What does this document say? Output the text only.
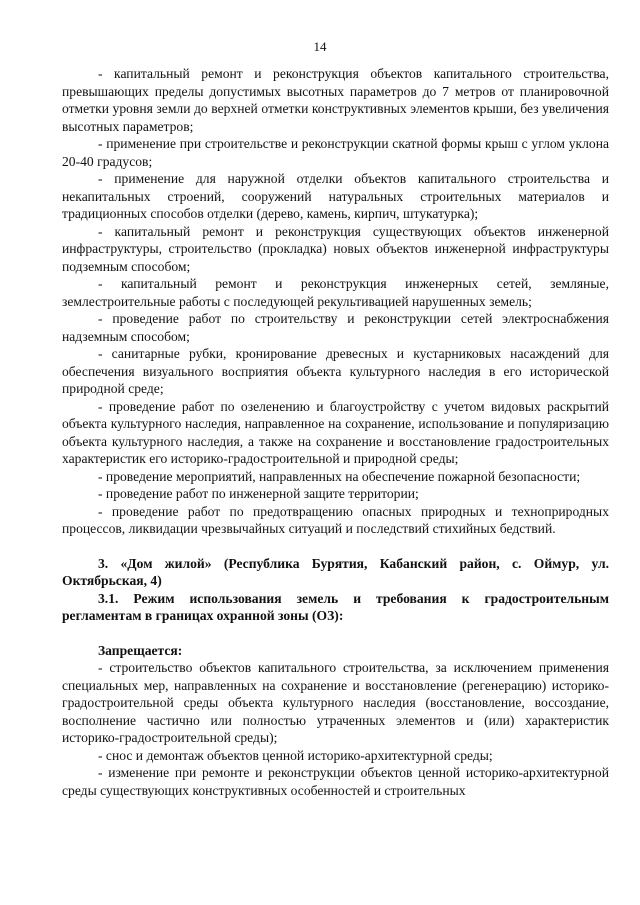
14

- капитальный ремонт и реконструкция объектов капитального строительства, превышающих пределы допустимых высотных параметров до 7 метров от планировочной отметки уровня земли до верхней отметки конструктивных элементов крыши, без увеличения высотных параметров;

- применение при строительстве и реконструкции скатной формы крыш с углом уклона 20-40 градусов;

- применение для наружной отделки объектов капитального строительства и некапитальных строений, сооружений натуральных строительных материалов и традиционных способов отделки (дерево, камень, кирпич, штукатурка);

- капитальный ремонт и реконструкция существующих объектов инженерной инфраструктуры, строительство (прокладка) новых объектов инженерной инфраструктуры подземным способом;

- капитальный ремонт и реконструкция инженерных сетей, земляные, землестроительные работы с последующей рекультивацией нарушенных земель;

- проведение работ по строительству и реконструкции сетей электроснабжения надземным способом;

- санитарные рубки, кронирование древесных и кустарниковых насаждений для обеспечения визуального восприятия объекта культурного наследия в его исторической природной среде;

- проведение работ по озеленению и благоустройству с учетом видовых раскрытий объекта культурного наследия, направленное на сохранение, использование и популяризацию объекта культурного наследия, а также на сохранение и восстановление градостроительных характеристик его историко-градостроительной и природной среды;

- проведение мероприятий, направленных на обеспечение пожарной безопасности;

- проведение работ по инженерной защите территории;

- проведение работ по предотвращению опасных природных и техноприродных процессов, ликвидации чрезвычайных ситуаций и последствий стихийных бедствий.

3. «Дом жилой» (Республика Бурятия, Кабанский район, с. Оймур, ул. Октябрьская, 4)

3.1. Режим использования земель и требования к градостроительным регламентам в границах охранной зоны (ОЗ):

Запрещается:

- строительство объектов капитального строительства, за исключением применения специальных мер, направленных на сохранение и восстановление (регенерацию) историко-градостроительной среды объекта культурного наследия (восстановление, воссоздание, восполнение частично или полностью утраченных элементов и (или) характеристик историко-градостроительной среды);

- снос и демонтаж объектов ценной историко-архитектурной среды;

- изменение при ремонте и реконструкции объектов ценной историко-архитектурной среды существующих конструктивных особенностей и строительных
